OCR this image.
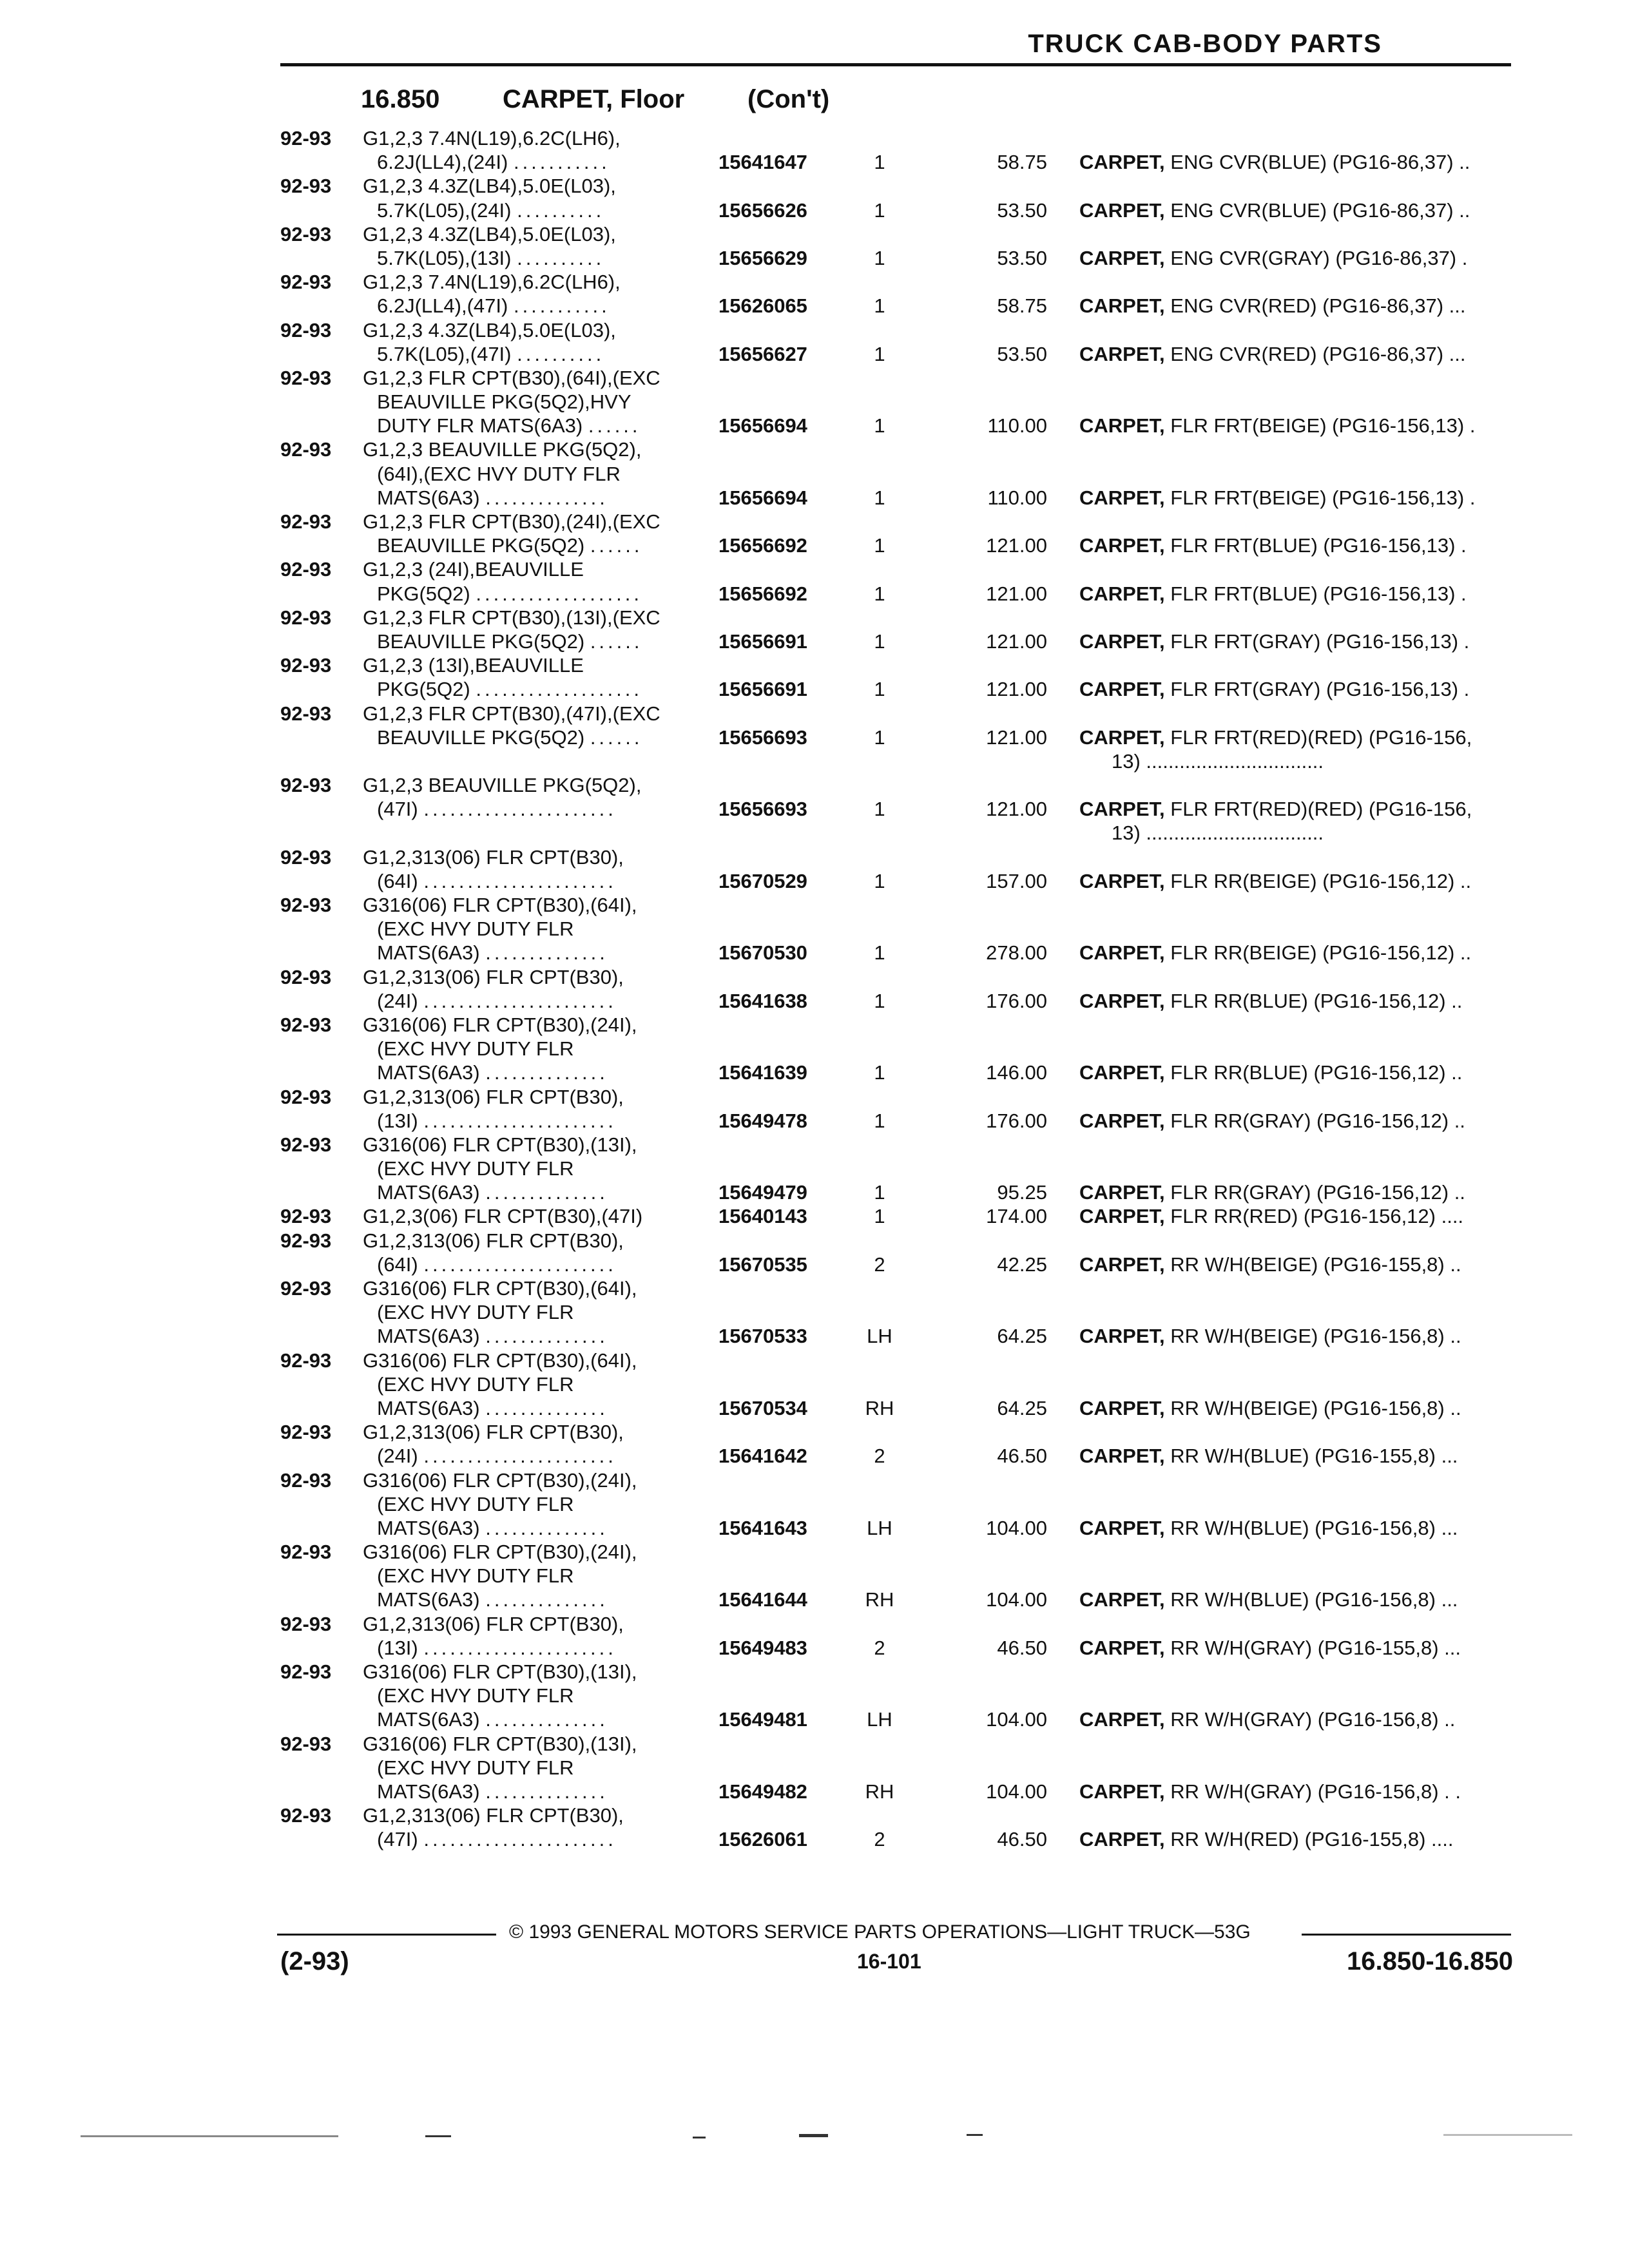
TRUCK CAB-BODY PARTS
16.850 CARPET, Floor (Con't)
92-93 G1,2,3 7.4N(L19),6.2C(LH6),
6.2J(LL4),(24I) ...........	15641647	1	58.75 CARPET, ENG CVR(BLUE) (PG16-86,37) ..
92-93 G1,2,3 4.3Z(LB4),5.0E(L03),
5.7K(L05),(24I) ..........	15656626	1	53.50 CARPET, ENG CVR(BLUE) (PG16-86,37) ..
92-93 G1,2,3 4.3Z(LB4),5.0E(L03),
5.7K(L05),(13I) ..........	15656629	1	53.50 CARPET, ENG CVR(GRAY) (PG16-86,37) .
92-93 G1,2,3 7.4N(L19),6.2C(LH6),
6.2J(LL4),(47I) ...........	15626065	1	58.75 CARPET, ENG CVR(RED) (PG16-86,37) ...
92-93 G1,2,3 4.3Z(LB4),5.0E(L03),
5.7K(L05),(47I) ..........	15656627	1	53.50 CARPET, ENG CVR(RED) (PG16-86,37) ...
92-93 G1,2,3 FLR CPT(B30),(64I),(EXC
BEAUVILLE PKG(5Q2),HVY
DUTY FLR MATS(6A3) ......	15656694	1	110.00 CARPET, FLR FRT(BEIGE) (PG16-156,13) .
92-93 G1,2,3 BEAUVILLE PKG(5Q2),
(64I),(EXC HVY DUTY FLR
MATS(6A3) ..............	15656694	1	110.00 CARPET, FLR FRT(BEIGE) (PG16-156,13) .
92-93 G1,2,3 FLR CPT(B30),(24I),(EXC
BEAUVILLE PKG(5Q2) ......	15656692	1	121.00 CARPET, FLR FRT(BLUE) (PG16-156,13) .
92-93 G1,2,3 (24I),BEAUVILLE
PKG(5Q2) ...................	15656692	1	121.00 CARPET, FLR FRT(BLUE) (PG16-156,13) .
92-93 G1,2,3 FLR CPT(B30),(13I),(EXC
BEAUVILLE PKG(5Q2) ......	15656691	1	121.00 CARPET, FLR FRT(GRAY) (PG16-156,13) .
92-93 G1,2,3 (13I),BEAUVILLE
PKG(5Q2) ...................	15656691	1	121.00 CARPET, FLR FRT(GRAY) (PG16-156,13) .
92-93 G1,2,3 FLR CPT(B30),(47I),(EXC
BEAUVILLE PKG(5Q2) ......	15656693	1	121.00 CARPET, FLR FRT(RED)(RED) (PG16-156,
13) ................................
92-93 G1,2,3 BEAUVILLE PKG(5Q2),
(47I) ......................	15656693	1	121.00 CARPET, FLR FRT(RED)(RED) (PG16-156,
13) ................................
92-93 G1,2,313(06) FLR CPT(B30),
(64I) ......................	15670529	1	157.00 CARPET, FLR RR(BEIGE) (PG16-156,12) ..
92-93 G316(06) FLR CPT(B30),(64I),
(EXC HVY DUTY FLR
MATS(6A3) ..............	15670530	1	278.00 CARPET, FLR RR(BEIGE) (PG16-156,12) ..
92-93 G1,2,313(06) FLR CPT(B30),
(24I) ......................	15641638	1	176.00 CARPET, FLR RR(BLUE) (PG16-156,12) ..
92-93 G316(06) FLR CPT(B30),(24I),
(EXC HVY DUTY FLR
MATS(6A3) ..............	15641639	1	146.00 CARPET, FLR RR(BLUE) (PG16-156,12) ..
92-93 G1,2,313(06) FLR CPT(B30),
(13I) ......................	15649478	1	176.00 CARPET, FLR RR(GRAY) (PG16-156,12) ..
92-93 G316(06) FLR CPT(B30),(13I),
(EXC HVY DUTY FLR
MATS(6A3) ..............	15649479	1	95.25 CARPET, FLR RR(GRAY) (PG16-156,12) ..
92-93 G1,2,3(06) FLR CPT(B30),(47I)	15640143	1	174.00 CARPET, FLR RR(RED) (PG16-156,12) ....
92-93 G1,2,313(06) FLR CPT(B30),
(64I) ......................	15670535	2	42.25 CARPET, RR W/H(BEIGE) (PG16-155,8) ..
92-93 G316(06) FLR CPT(B30),(64I),
(EXC HVY DUTY FLR
MATS(6A3) ..............	15670533	LH	64.25 CARPET, RR W/H(BEIGE) (PG16-156,8) ..
92-93 G316(06) FLR CPT(B30),(64I),
(EXC HVY DUTY FLR
MATS(6A3) ..............	15670534	RH	64.25 CARPET, RR W/H(BEIGE) (PG16-156,8) ..
92-93 G1,2,313(06) FLR CPT(B30),
(24I) ......................	15641642	2	46.50 CARPET, RR W/H(BLUE) (PG16-155,8) ...
92-93 G316(06) FLR CPT(B30),(24I),
(EXC HVY DUTY FLR
MATS(6A3) ..............	15641643	LH	104.00 CARPET, RR W/H(BLUE) (PG16-156,8) ...
92-93 G316(06) FLR CPT(B30),(24I),
(EXC HVY DUTY FLR
MATS(6A3) ..............	15641644	RH	104.00 CARPET, RR W/H(BLUE) (PG16-156,8) ...
92-93 G1,2,313(06) FLR CPT(B30),
(13I) ......................	15649483	2	46.50 CARPET, RR W/H(GRAY) (PG16-155,8) ...
92-93 G316(06) FLR CPT(B30),(13I),
(EXC HVY DUTY FLR
MATS(6A3) ..............	15649481	LH	104.00 CARPET, RR W/H(GRAY) (PG16-156,8) ..
92-93 G316(06) FLR CPT(B30),(13I),
(EXC HVY DUTY FLR
MATS(6A3) ..............	15649482	RH	104.00 CARPET, RR W/H(GRAY) (PG16-156,8) . .
92-93 G1,2,313(06) FLR CPT(B30),
(47I) ......................	15626061	2	46.50 CARPET, RR W/H(RED) (PG16-155,8) ....
© 1993 GENERAL MOTORS SERVICE PARTS OPERATIONS—LIGHT TRUCK—53G
(2-93)	16-101	16.850-16.850
